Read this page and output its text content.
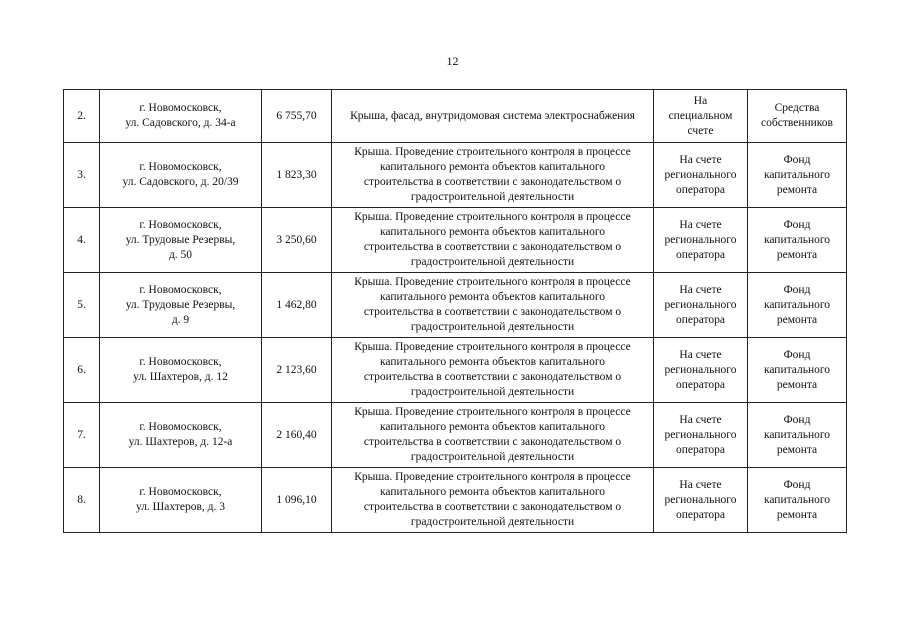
12
2.	г. Новомосковск,
ул. Садовского, д. 34-а	6 755,70	Крыша, фасад, внутридомовая система электроснабжения	На
специальном
счете	Средства
собственников
3.	г. Новомосковск,
ул. Садовского, д. 20/39	1 823,30	Крыша. Проведение строительного контроля в процессе
капитального ремонта объектов капитального
строительства в соответствии с законодательством о
градостроительной деятельности	На счете
регионального
оператора	Фонд
капитального
ремонта
4.	г. Новомосковск,
ул. Трудовые Резервы,
д. 50	3 250,60	Крыша. Проведение строительного контроля в процессе
капитального ремонта объектов капитального
строительства в соответствии с законодательством о
градостроительной деятельности	На счете
регионального
оператора	Фонд
капитального
ремонта
5.	г. Новомосковск,
ул. Трудовые Резервы,
д. 9	1 462,80	Крыша. Проведение строительного контроля в процессе
капитального ремонта объектов капитального
строительства в соответствии с законодательством о
градостроительной деятельности	На счете
регионального
оператора	Фонд
капитального
ремонта
6.	г. Новомосковск,
ул. Шахтеров, д. 12	2 123,60	Крыша. Проведение строительного контроля в процессе
капитального ремонта объектов капитального
строительства в соответствии с законодательством о
градостроительной деятельности	На счете
регионального
оператора	Фонд
капитального
ремонта
7.	г. Новомосковск,
ул. Шахтеров, д. 12-а	2 160,40	Крыша. Проведение строительного контроля в процессе
капитального ремонта объектов капитального
строительства в соответствии с законодательством о
градостроительной деятельности	На счете
регионального
оператора	Фонд
капитального
ремонта
8.	г. Новомосковск,
ул. Шахтеров, д. 3	1 096,10	Крыша. Проведение строительного контроля в процессе
капитального ремонта объектов капитального
строительства в соответствии с законодательством о
градостроительной деятельности	На счете
регионального
оператора	Фонд
капитального
ремонта
